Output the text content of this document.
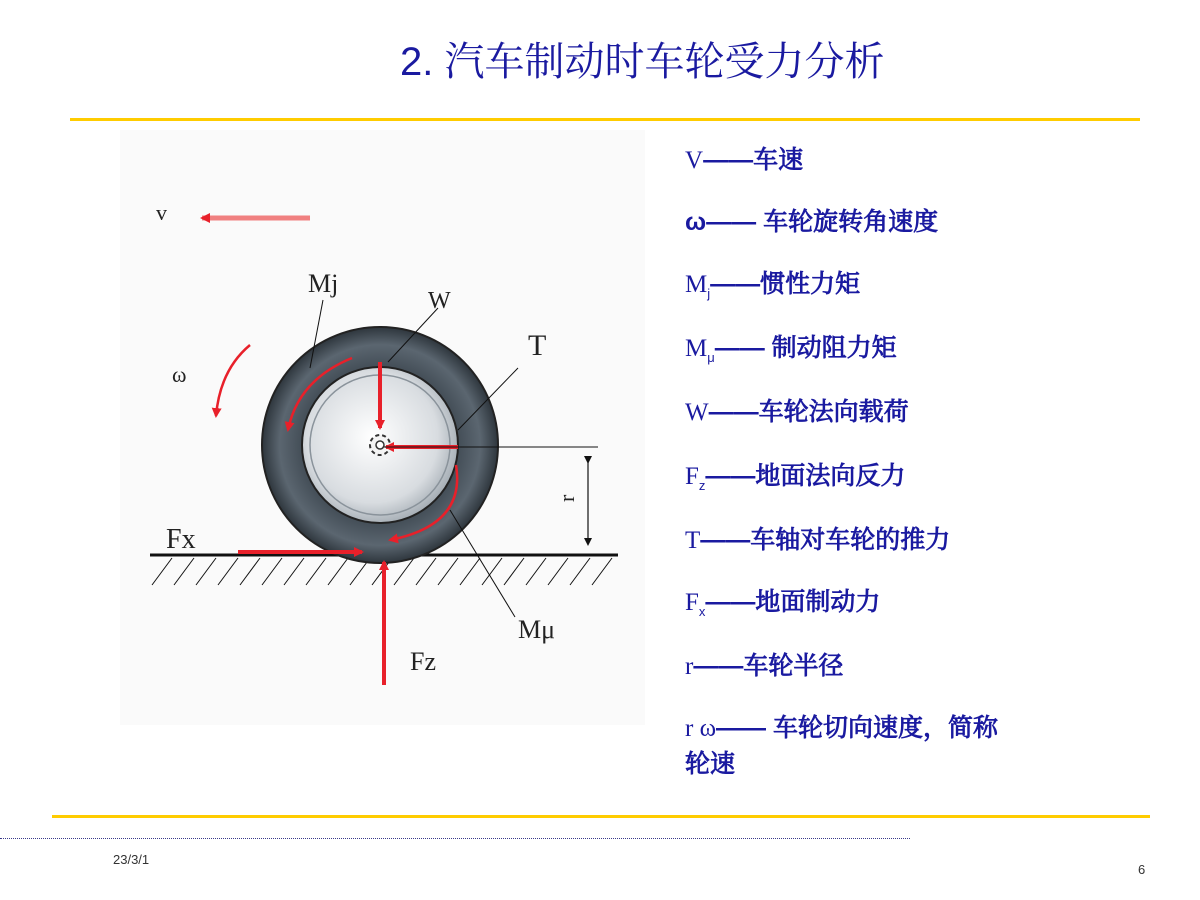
2. 汽车制动时车轮受力分析
v
ω
r
Mj
W
T
Fx
Mμ
Fz
V——车速
ω—— 车轮旋转角速度
$M_j——$惯性力矩
$M_\mu——$ 制动阻力矩
W——车轮法向载荷
$F_z——$地面法向反力
T——车轴对车轮的推力
$F_x——$地面制动力
r——车轮半径
r ω—— 车轮切向速度，简称
轮速
23/3/1
6
